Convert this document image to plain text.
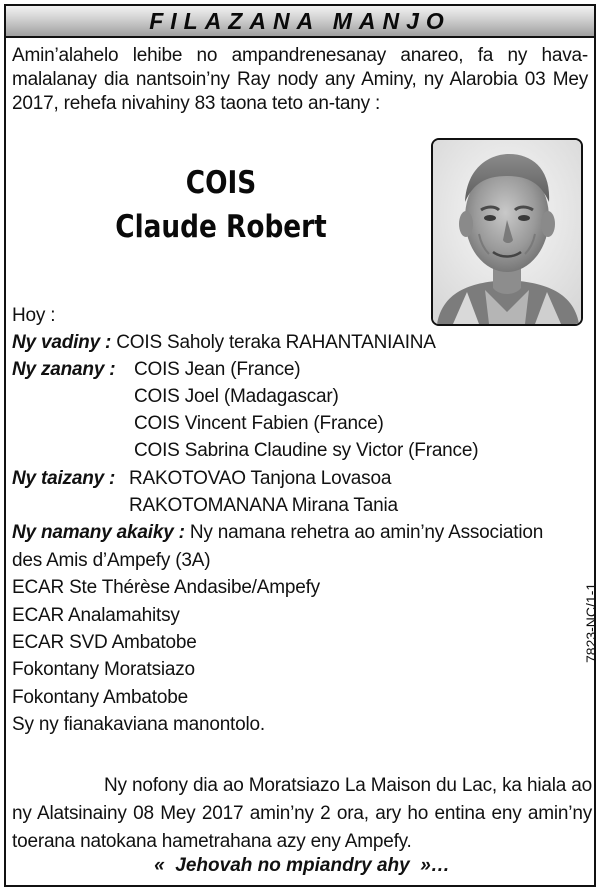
FILAZANA MANJO

Amin’alahelo lehibe no ampandrenesanay anareo, fa ny hava-malalanay dia nantsoin’ny Ray nody any Aminy, ny Alarobia 03 Mey 2017, rehefa nivahiny 83 taona teto an-tany :

COIS
Claude Robert
Hoy :
Ny vadiny : COIS Saholy teraka RAHANTANIAINA
Ny zanany : COIS Jean (France)
COIS Joel (Madagascar)
COIS Vincent Fabien (France)
COIS Sabrina Claudine sy Victor (France)
Ny taizany : RAKOTOVAO Tanjona Lovasoa
RAKOTOMANANA Mirana Tania
Ny namany akaiky : Ny namana rehetra ao amin’ny Association
des Amis d’Ampefy (3A)
ECAR Ste Thérèse Andasibe/Ampefy
ECAR Analamahitsy
ECAR SVD Ambatobe
Fokontany Moratsiazo
Fokontany Ambatobe
Sy ny fianakaviana manontolo.
7823-NC/1-1

Ny nofony dia ao Moratsiazo La Maison du Lac, ka hiala ao ny Alatsinainy 08 Mey 2017 amin’ny 2 ora, ary ho entina eny amin’ny toerana natokana hametrahana azy eny Ampefy.

«  Jehovah no mpiandry ahy  »…
